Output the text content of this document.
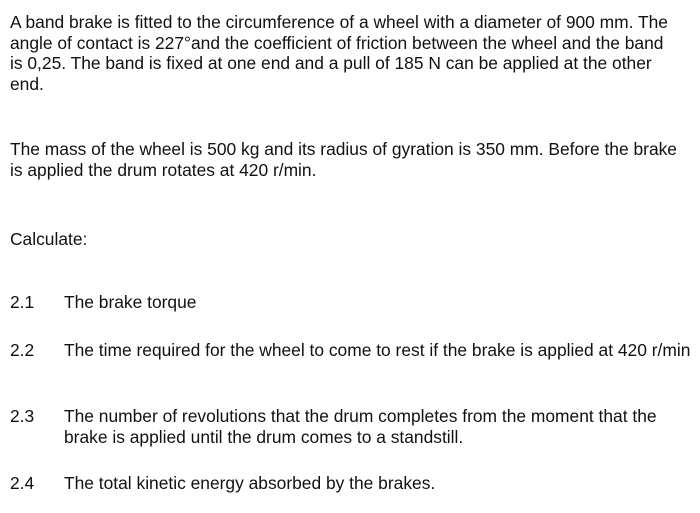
A band brake is fitted to the circumference of a wheel with a diameter of 900 mm. The angle of contact is 227°and the coefficient of friction between the wheel and the band is 0,25. The band is fixed at one end and a pull of 185 N can be applied at the other end.

The mass of the wheel is 500 kg and its radius of gyration is 350 mm. Before the brake is applied the drum rotates at 420 r/min.

Calculate:

2.1	The brake torque
2.2	The time required for the wheel to come to rest if the brake is applied at 420 r/min
2.3	The number of revolutions that the drum completes from the moment that the brake is applied until the drum comes to a standstill.
2.4	The total kinetic energy absorbed by the brakes.
